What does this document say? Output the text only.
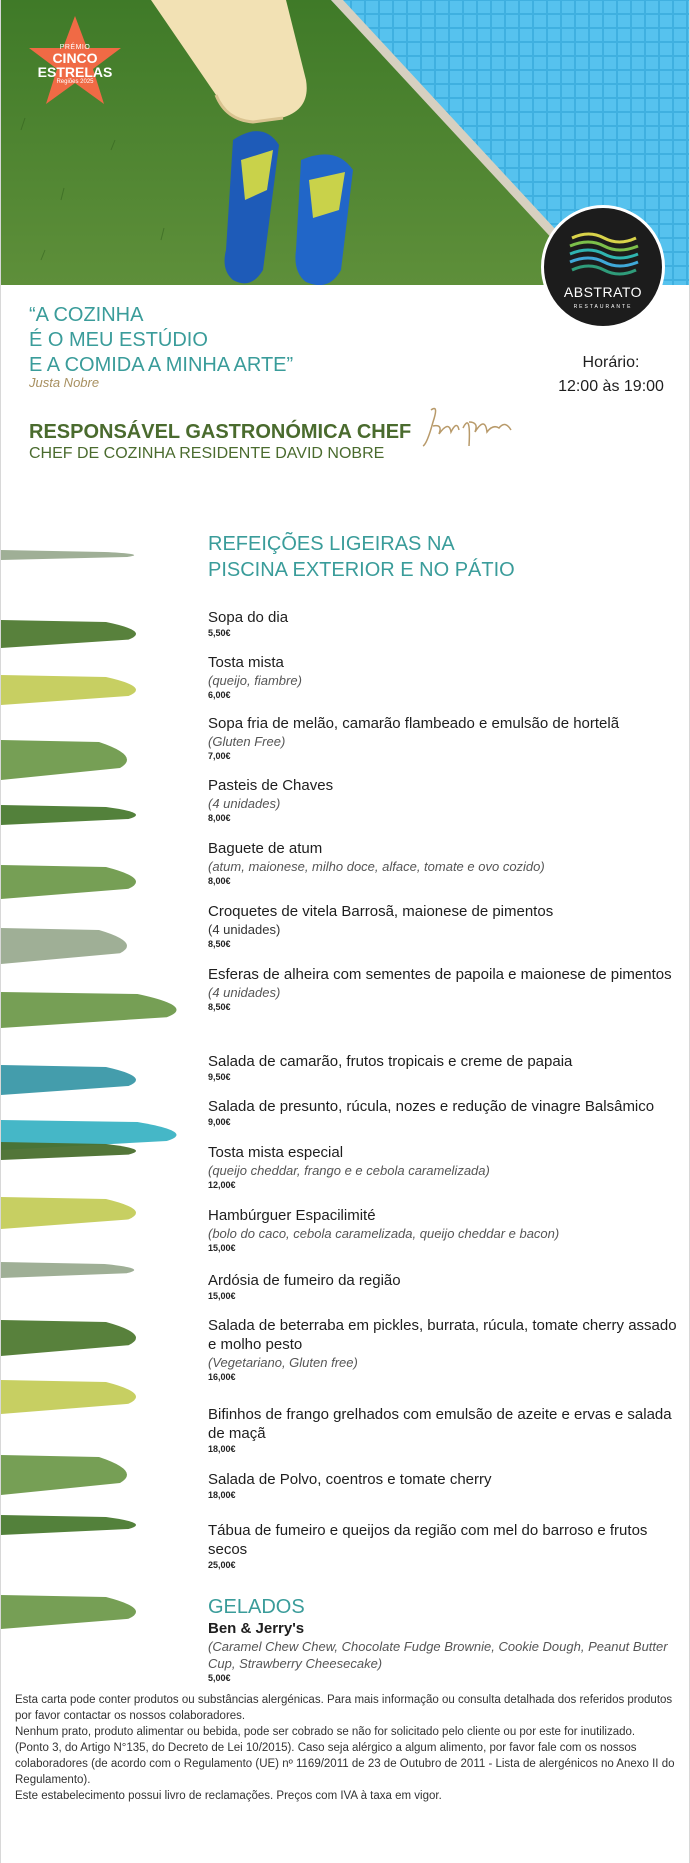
PRÉMIO
CINCO
ESTRELAS
Regiões 2025
ABSTRATO
RESTAURANTE
“A COZINHA
É O MEU ESTÚDIO
E A COMIDA A MINHA ARTE”
Justa Nobre
Horário:
12:00 às 19:00
RESPONSÁVEL GASTRONÓMICA CHEF
CHEF DE COZINHA RESIDENTE DAVID NOBRE
REFEIÇÕES LIGEIRAS NA
PISCINA EXTERIOR E NO PÁTIO
Sopa do dia
5,50€
Tosta mista
(queijo, fiambre)
6,00€
Sopa fria de melão, camarão flambeado e emulsão de hortelã
(Gluten Free)
7,00€
Pasteis de Chaves
(4 unidades)
8,00€
Baguete de atum
(atum, maionese, milho doce, alface, tomate e ovo cozido)
8,00€
Croquetes de vitela Barrosã, maionese de pimentos
(4 unidades)
8,50€
Esferas de alheira com sementes de papoila e maionese de pimentos
(4 unidades)
8,50€
Salada de camarão, frutos tropicais e creme de papaia
9,50€
Salada de presunto, rúcula, nozes e redução de vinagre Balsâmico
9,00€
Tosta mista especial
(queijo cheddar, frango e e cebola caramelizada)
12,00€
Hambúrguer Espacilimité
(bolo do caco, cebola caramelizada, queijo cheddar e bacon)
15,00€
Ardósia de fumeiro da região
15,00€
Salada de beterraba em pickles, burrata, rúcula, tomate cherry assado e molho pesto
(Vegetariano, Gluten free)
16,00€
Bifinhos de frango grelhados com emulsão de azeite e ervas e salada de maçã
18,00€
Salada de Polvo, coentros e tomate cherry
18,00€
Tábua de fumeiro e queijos da região com mel do barroso e frutos secos
25,00€
GELADOS
Ben & Jerry's
(Caramel Chew Chew, Chocolate Fudge Brownie, Cookie Dough, Peanut Butter Cup, Strawberry Cheesecake)
5,00€
Esta carta pode conter produtos ou substâncias alergénicas. Para mais informação ou consulta detalhada dos referidos produtos por favor contactar os nossos colaboradores.
Nenhum prato, produto alimentar ou bebida, pode ser cobrado se não for solicitado pelo cliente ou por este for inutilizado.
(Ponto 3, do Artigo N°135, do Decreto de Lei 10/2015). Caso seja alérgico a algum alimento, por favor fale com os nossos colaboradores (de acordo com o Regulamento (UE) nº 1169/2011 de 23 de Outubro de 2011 - Lista de alergénicos no Anexo II do Regulamento).
Este estabelecimento possui livro de reclamações. Preços com IVA à taxa em vigor.
